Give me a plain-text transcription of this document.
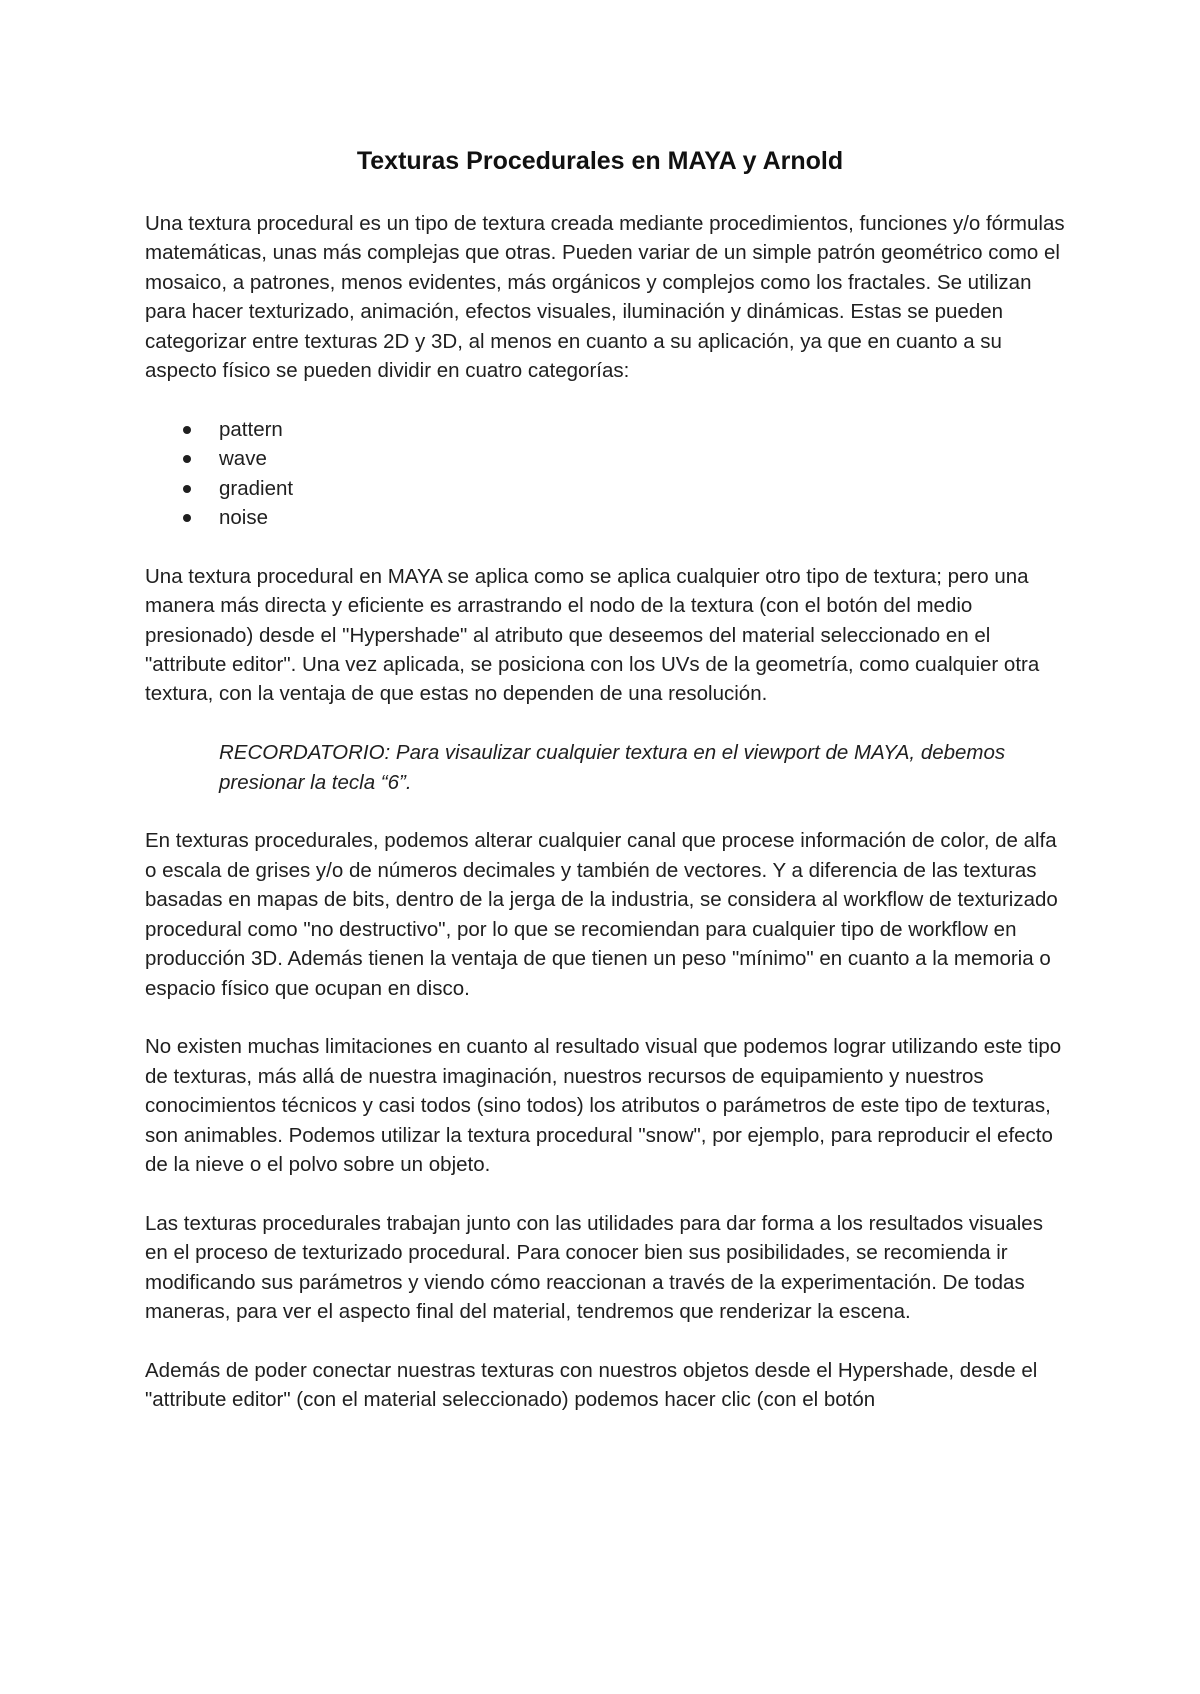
Texturas Procedurales en MAYA y Arnold

Una textura procedural es un tipo de textura creada mediante procedimientos, funciones y/o fórmulas matemáticas, unas más complejas que otras. Pueden variar de un simple patrón geométrico como el mosaico, a patrones, menos evidentes, más orgánicos y complejos como los fractales. Se utilizan para hacer texturizado, animación, efectos visuales, iluminación y dinámicas. Estas se pueden categorizar entre texturas 2D y 3D, al menos en cuanto a su aplicación, ya que en cuanto a su aspecto físico se pueden dividir en cuatro categorías:

pattern
wave
gradient
noise

Una textura procedural en MAYA se aplica como se aplica cualquier otro tipo de textura; pero una manera más directa y eficiente es arrastrando el nodo de la textura (con el botón del medio presionado) desde el "Hypershade" al atributo que deseemos del material seleccionado en el "attribute editor". Una vez aplicada, se posiciona con los UVs de la geometría, como cualquier otra textura, con la ventaja de que estas no dependen de una resolución.

RECORDATORIO: Para visaulizar cualquier textura en el viewport de MAYA, debemos presionar la tecla “6”.

En texturas procedurales, podemos alterar cualquier canal que procese información de color, de alfa o escala de grises y/o de números decimales y también de vectores. Y a diferencia de las texturas basadas en mapas de bits, dentro de la jerga de la industria, se considera al workflow de texturizado procedural como "no destructivo", por lo que se recomiendan para cualquier tipo de workflow en producción 3D. Además tienen la ventaja de que tienen un peso "mínimo" en cuanto a la memoria o espacio físico que ocupan en disco.

No existen muchas limitaciones en cuanto al resultado visual que podemos lograr utilizando este tipo de texturas, más allá de nuestra imaginación, nuestros recursos de equipamiento y nuestros conocimientos técnicos y casi todos (sino todos) los atributos o parámetros de este tipo de texturas, son animables. Podemos utilizar la textura procedural "snow", por ejemplo, para reproducir el efecto de la nieve o el polvo sobre un objeto.

Las texturas procedurales trabajan junto con las utilidades para dar forma a los resultados visuales en el proceso de texturizado procedural. Para conocer bien sus posibilidades, se recomienda ir modificando sus parámetros y viendo cómo reaccionan a través de la experimentación. De todas maneras, para ver el aspecto final del material, tendremos que renderizar la escena.

Además de poder conectar nuestras texturas con nuestros objetos desde el Hypershade, desde el "attribute editor" (con el material seleccionado) podemos hacer clic (con el botón
